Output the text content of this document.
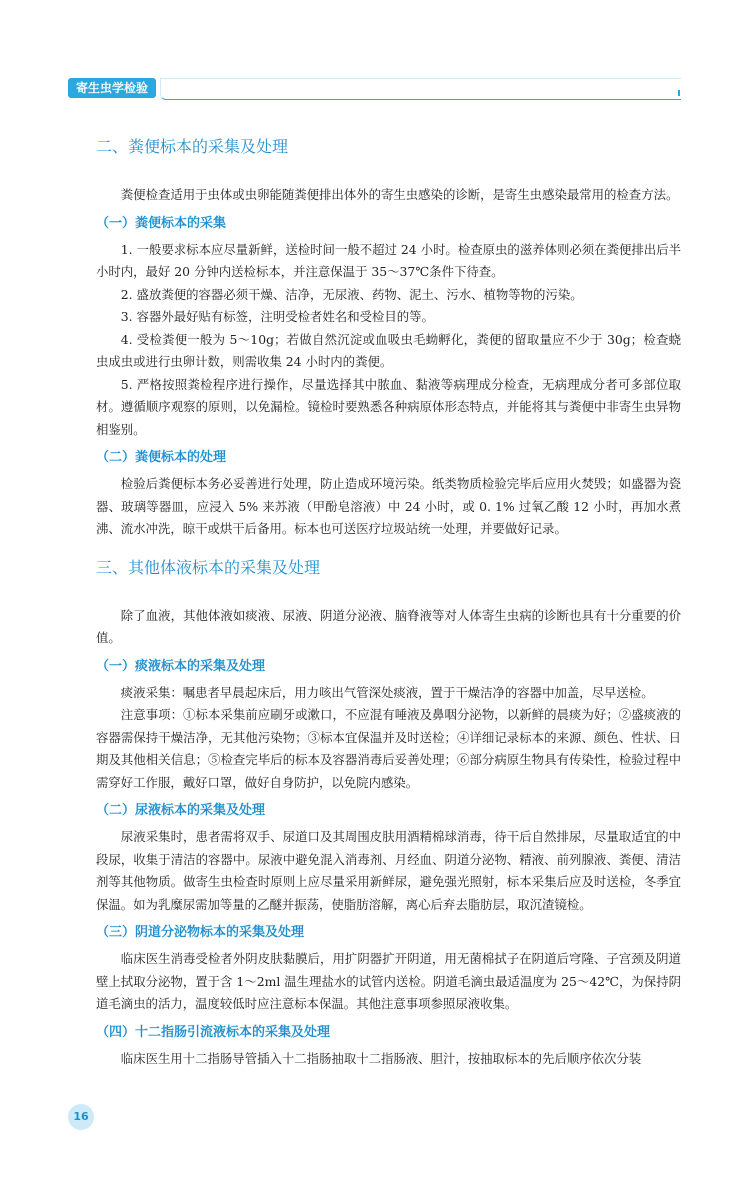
寄生虫学检验
二、粪便标本的采集及处理

粪便检查适用于虫体或虫卵能随粪便排出体外的寄生虫感染的诊断，是寄生虫感染最常用的检查方法。

（一）粪便标本的采集

1. 一般要求标本应尽量新鲜，送检时间一般不超过 24 小时。检查原虫的滋养体则必须在粪便排出后半小时内，最好 20 分钟内送检标本，并注意保温于 35～37℃条件下待查。

2. 盛放粪便的容器必须干燥、洁净，无尿液、药物、泥土、污水、植物等物的污染。

3. 容器外最好贴有标签，注明受检者姓名和受检目的等。

4. 受检粪便一般为 5～10g；若做自然沉淀或血吸虫毛蚴孵化，粪便的留取量应不少于 30g；检查蛲虫成虫或进行虫卵计数，则需收集 24 小时内的粪便。

5. 严格按照粪检程序进行操作，尽量选择其中脓血、黏液等病理成分检查，无病理成分者可多部位取材。遵循顺序观察的原则，以免漏检。镜检时要熟悉各种病原体形态特点，并能将其与粪便中非寄生虫异物相鉴别。

（二）粪便标本的处理

检验后粪便标本务必妥善进行处理，防止造成环境污染。纸类物质检验完毕后应用火焚毁；如盛器为瓷器、玻璃等器皿，应浸入 5% 来苏液（甲酚皂溶液）中 24 小时，或 0. 1% 过氧乙酸 12 小时，再加水煮沸、流水冲洗，晾干或烘干后备用。标本也可送医疗垃圾站统一处理，并要做好记录。

三、其他体液标本的采集及处理

除了血液，其他体液如痰液、尿液、阴道分泌液、脑脊液等对人体寄生虫病的诊断也具有十分重要的价值。

（一）痰液标本的采集及处理

痰液采集：嘱患者早晨起床后，用力咳出气管深处痰液，置于干燥洁净的容器中加盖，尽早送检。

注意事项：①标本采集前应刷牙或漱口，不应混有唾液及鼻咽分泌物，以新鲜的晨痰为好；②盛痰液的容器需保持干燥洁净，无其他污染物；③标本宜保温并及时送检；④详细记录标本的来源、颜色、性状、日期及其他相关信息；⑤检查完毕后的标本及容器消毒后妥善处理；⑥部分病原生物具有传染性，检验过程中需穿好工作服，戴好口罩，做好自身防护，以免院内感染。

（二）尿液标本的采集及处理

尿液采集时，患者需将双手、尿道口及其周围皮肤用酒精棉球消毒，待干后自然排尿，尽量取适宜的中段尿，收集于清洁的容器中。尿液中避免混入消毒剂、月经血、阴道分泌物、精液、前列腺液、粪便、清洁剂等其他物质。做寄生虫检查时原则上应尽量采用新鲜尿，避免强光照射，标本采集后应及时送检，冬季宜保温。如为乳糜尿需加等量的乙醚并振荡，使脂肪溶解，离心后弃去脂肪层，取沉渣镜检。

（三）阴道分泌物标本的采集及处理

临床医生消毒受检者外阴皮肤黏膜后，用扩阴器扩开阴道，用无菌棉拭子在阴道后穹隆、子宫颈及阴道壁上拭取分泌物，置于含 1～2ml 温生理盐水的试管内送检。阴道毛滴虫最适温度为 25～42℃，为保持阴道毛滴虫的活力，温度较低时应注意标本保温。其他注意事项参照尿液收集。

（四）十二指肠引流液标本的采集及处理

临床医生用十二指肠导管插入十二指肠抽取十二指肠液、胆汁，按抽取标本的先后顺序依次分装

16
